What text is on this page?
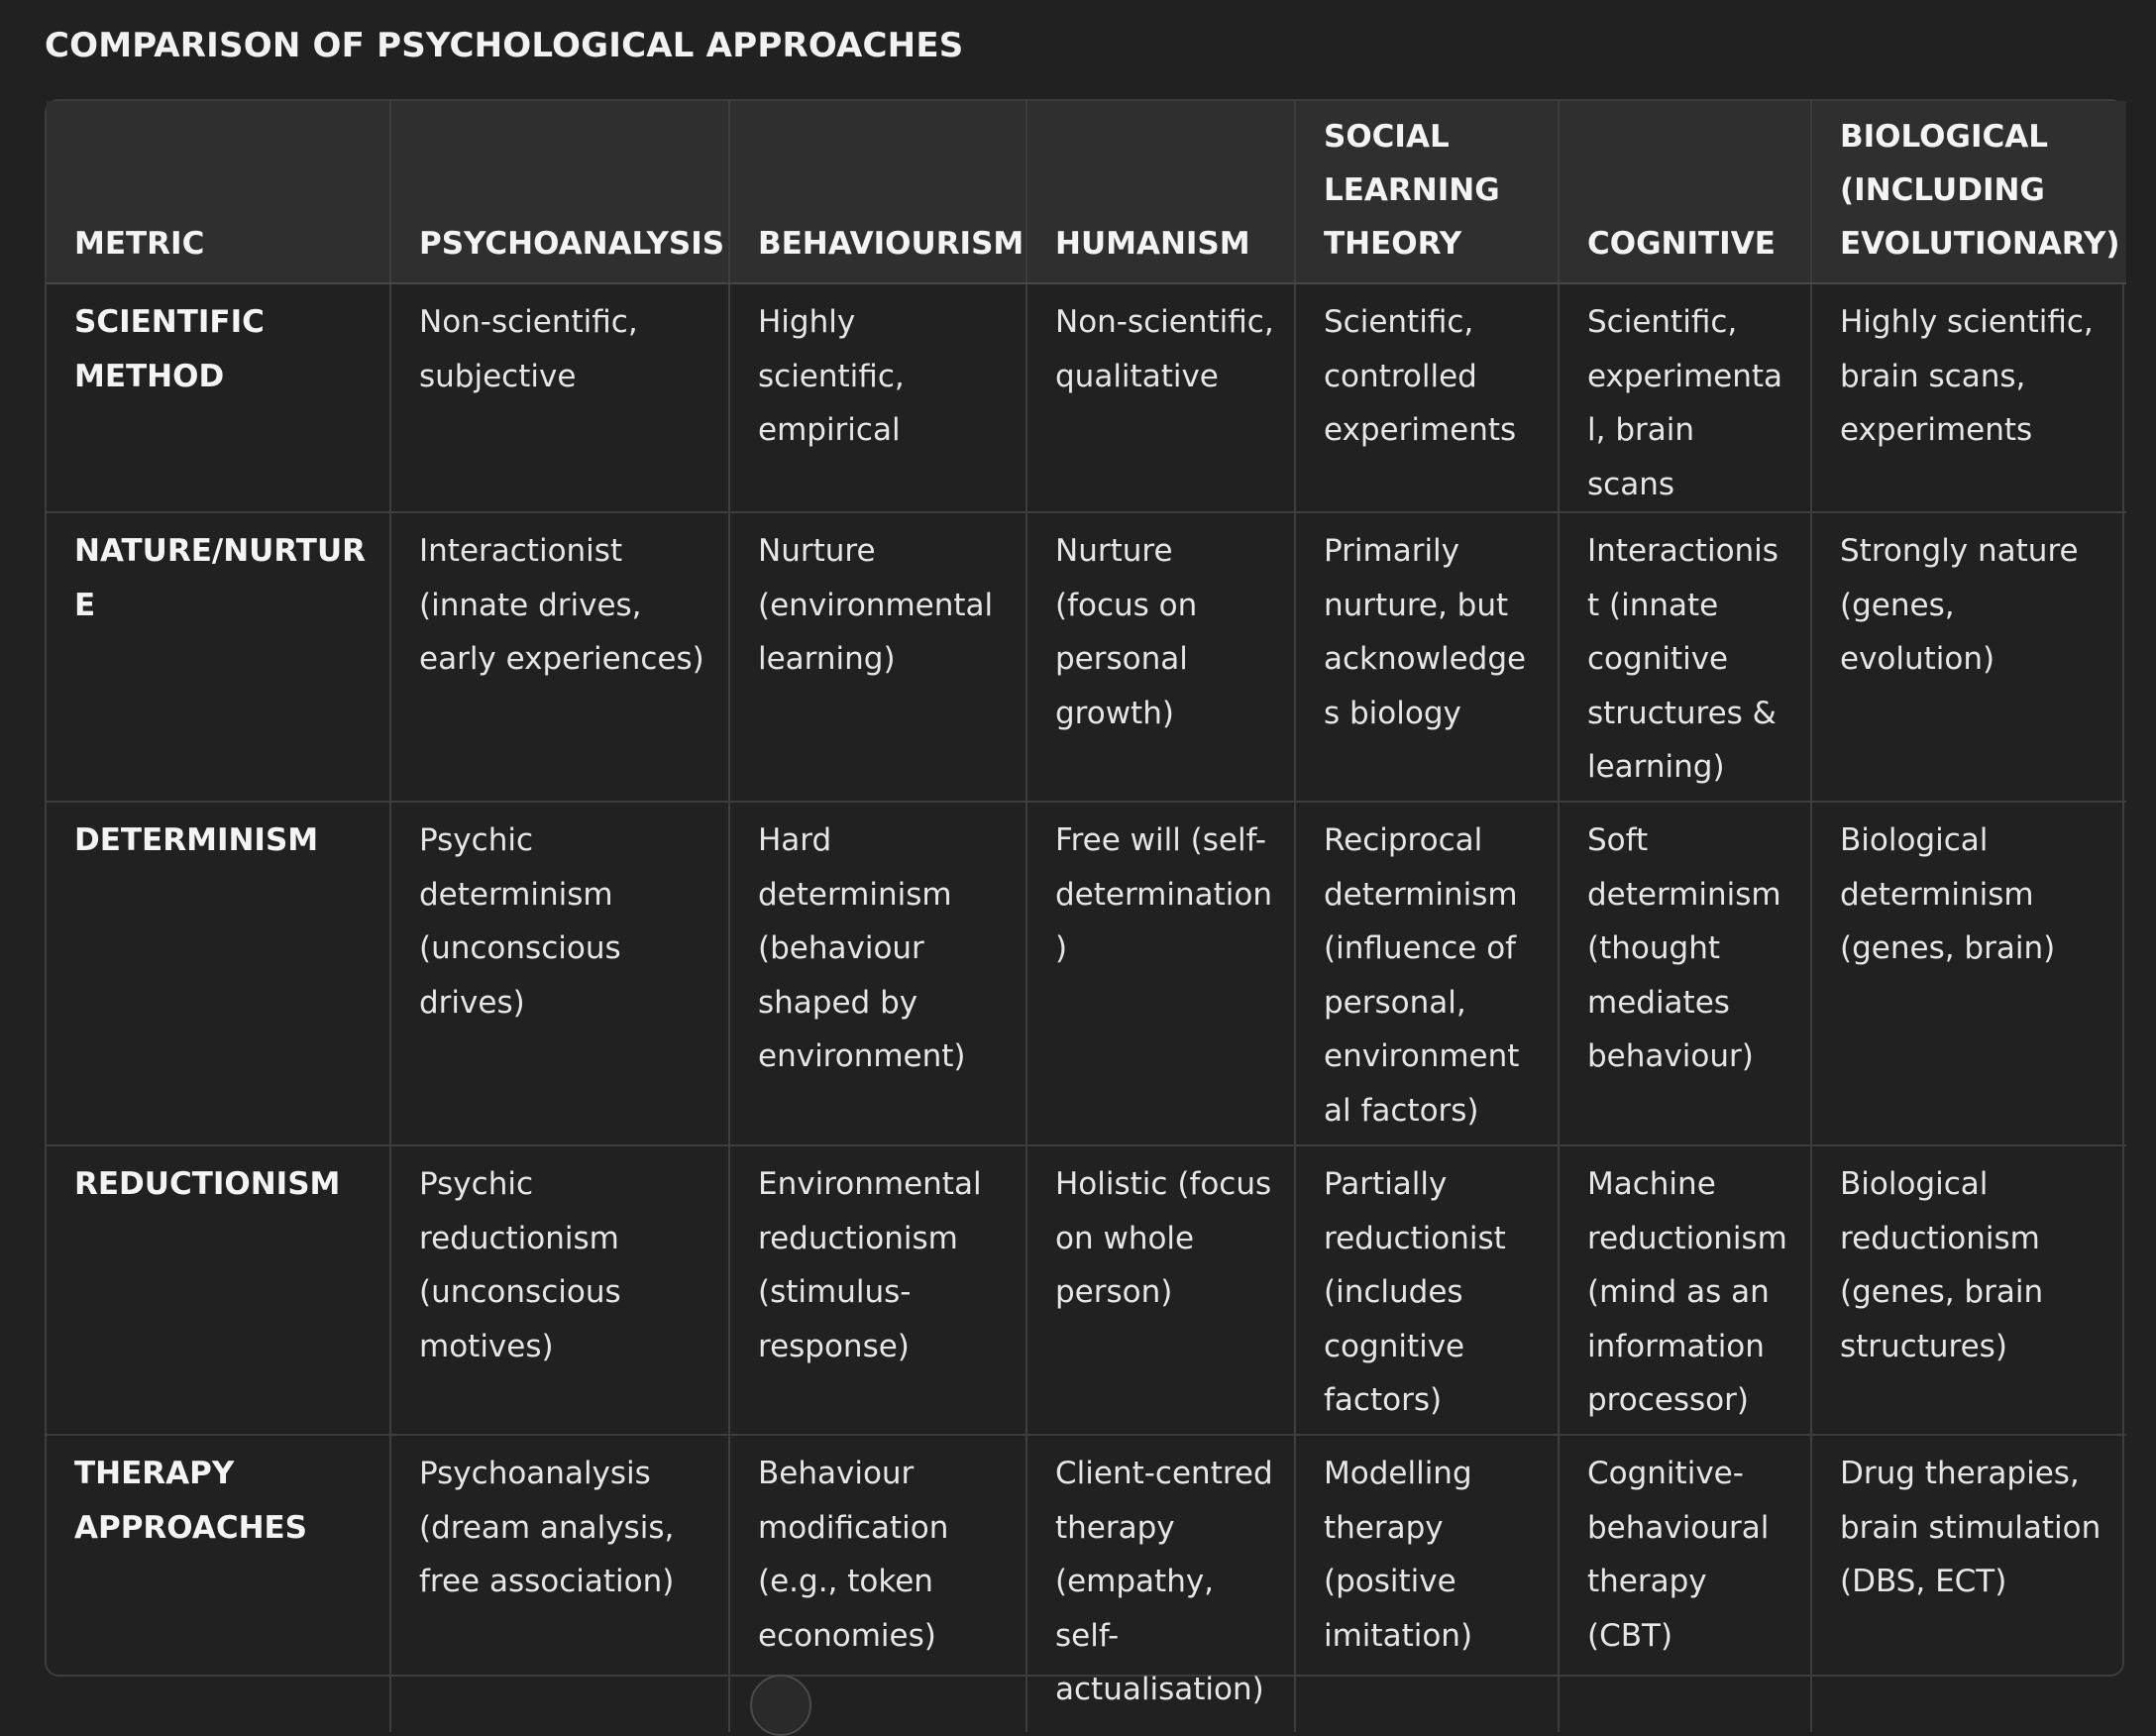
COMPARISON OF PSYCHOLOGICAL APPROACHES
METRIC	PSYCHOANALYSIS	BEHAVIOURISM	HUMANISM	SOCIAL LEARNING THEORY	COGNITIVE	BIOLOGICAL (INCLUDING EVOLUTIONARY)
SCIENTIFIC METHOD	Non-scientific, subjective	Highly scientific, empirical	Non-scientific, qualitative	Scientific, controlled experiments	Scientific, experimental, brain scans	Highly scientific, brain scans, experiments
NATURE/NURTURE	Interactionist (innate drives, early experiences)	Nurture (environmental learning)	Nurture (focus on personal growth)	Primarily nurture, but acknowledges biology	Interactionist (innate cognitive structures & learning)	Strongly nature (genes, evolution)
DETERMINISM	Psychic determinism (unconscious drives)	Hard determinism (behaviour shaped by environment)	Free will (self-determination)	Reciprocal determinism (influence of personal, environmental factors)	Soft determinism (thought mediates behaviour)	Biological determinism (genes, brain)
REDUCTIONISM	Psychic reductionism (unconscious motives)	Environmental reductionism (stimulus-response)	Holistic (focus on whole person)	Partially reductionist (includes cognitive factors)	Machine reductionism (mind as an information processor)	Biological reductionism (genes, brain structures)
THERAPY APPROACHES	Psychoanalysis (dream analysis, free association)	Behaviour modification (e.g., token economies)	Client-centred therapy (empathy, self-actualisation)	Modelling therapy (positive imitation)	Cognitive-behavioural therapy (CBT)	Drug therapies, brain stimulation (DBS, ECT)
